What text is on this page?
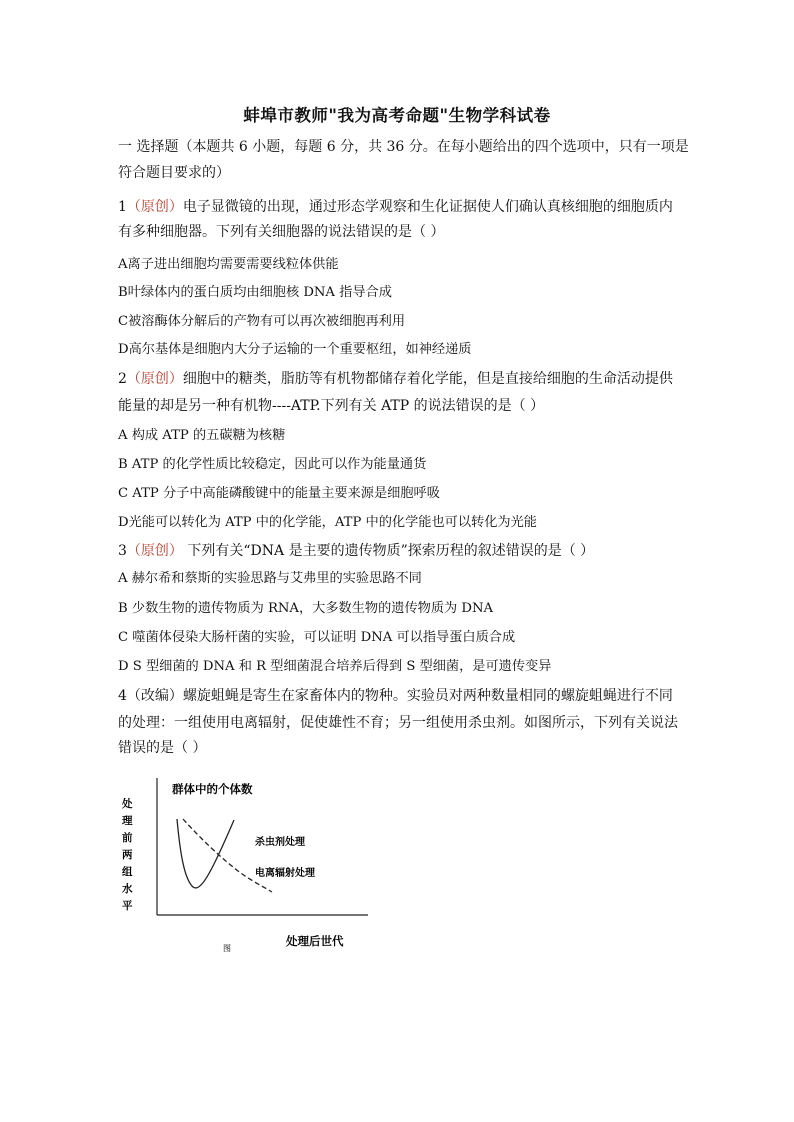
蚌埠市教师"我为高考命题"生物学科试卷
一 选择题（本题共 6 小题，每题 6 分，共 36 分。在每小题给出的四个选项中，只有一项是
符合题目要求的）
1（原创）电子显微镜的出现，通过形态学观察和生化证据使人们确认真核细胞的细胞质内
有多种细胞器。下列有关细胞器的说法错误的是（ ）
A离子进出细胞均需要需要线粒体供能
B叶绿体内的蛋白质均由细胞核 DNA 指导合成
C被溶酶体分解后的产物有可以再次被细胞再利用
D高尔基体是细胞内大分子运输的一个重要枢纽，如神经递质
2（原创）细胞中的糖类，脂肪等有机物都储存着化学能，但是直接给细胞的生命活动提供
能量的却是另一种有机物----ATP.下列有关 ATP 的说法错误的是（ ）
A 构成 ATP 的五碳糖为核糖
B ATP 的化学性质比较稳定，因此可以作为能量通货
C ATP 分子中高能磷酸键中的能量主要来源是细胞呼吸
D光能可以转化为 ATP 中的化学能，ATP 中的化学能也可以转化为光能
3（原创） 下列有关“DNA 是主要的遗传物质”探索历程的叙述错误的是（ ）
A 赫尔希和蔡斯的实验思路与艾弗里的实验思路不同
B 少数生物的遗传物质为 RNA，大多数生物的遗传物质为 DNA
C 噬菌体侵染大肠杆菌的实验，可以证明 DNA 可以指导蛋白质合成
D S 型细菌的 DNA 和 R 型细菌混合培养后得到 S 型细菌，是可遗传变异
4（改编）螺旋蛆蝇是寄生在家畜体内的物种。实验员对两种数量相同的螺旋蛆蝇进行不同
的处理：一组使用电离辐射，促使雄性不育；另一组使用杀虫剂。如图所示，下列有关说法
错误的是（ ）
群体中的个体数
处
理
前
两
组
水
平
杀虫剂处理
电离辐射处理
处理后世代
图
